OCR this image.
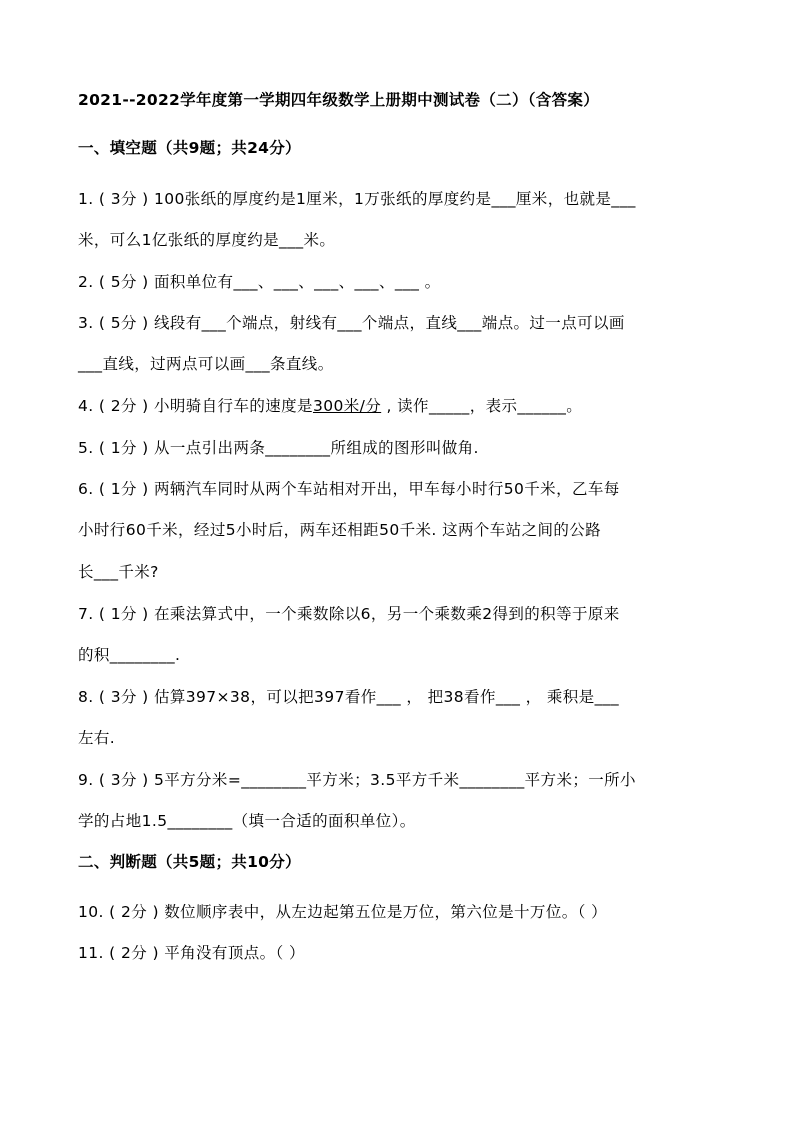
2021--2022学年度第一学期四年级数学上册期中测试卷（二）（含答案）
一、填空题（共9题；共24分）
1. ( 3分 ) 100张纸的厚度约是1厘米，1万张纸的厚度约是___厘米，也就是___
米，可么1亿张纸的厚度约是___米。
2. ( 5分 ) 面积单位有___、___、___、___、___ 。
3. ( 5分 ) 线段有___个端点，射线有___个端点，直线___端点。过一点可以画
___直线，过两点可以画___条直线。
4. ( 2分 ) 小明骑自行车的速度是300米/分 , 读作_____，表示______。
5. ( 1分 ) 从一点引出两条________所组成的图形叫做角.
6. ( 1分 ) 两辆汽车同时从两个车站相对开出，甲车每小时行50千米，乙车每
小时行60千米，经过5小时后，两车还相距50千米. 这两个车站之间的公路
长___千米?
7. ( 1分 ) 在乘法算式中，一个乘数除以6，另一个乘数乘2得到的积等于原来
的积________.
8. ( 3分 ) 估算397×38，可以把397看作___ ， 把38看作___ ， 乘积是___
左右.
9. ( 3分 ) 5平方分米=________平方米；3.5平方千米________平方米；一所小
学的占地1.5________（填一合适的面积单位）。
二、判断题（共5题；共10分）
10. ( 2分 ) 数位顺序表中，从左边起第五位是万位，第六位是十万位。（ ）
11. ( 2分 ) 平角没有顶点。（ ）
